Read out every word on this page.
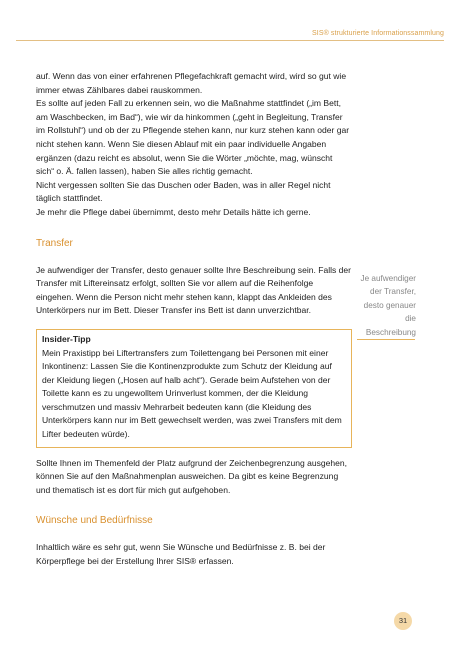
SIS® strukturierte Informationssammlung

auf. Wenn das von einer erfahrenen Pflegefachkraft gemacht wird, wird so gut wie immer etwas Zählbares dabei rauskommen.

Es sollte auf jeden Fall zu erkennen sein, wo die Maßnahme stattfindet („im Bett, am Waschbecken, im Bad“), wie wir da hinkommen („geht in Begleitung, Transfer im Rollstuhl“) und ob der zu Pflegende stehen kann, nur kurz stehen kann oder gar nicht stehen kann. Wenn Sie diesen Ablauf mit ein paar individuelle Angaben ergänzen (dazu reicht es absolut, wenn Sie die Wörter „möchte, mag, wünscht sich“ o. Ä. fallen lassen), haben Sie alles richtig gemacht.

Nicht vergessen sollten Sie das Duschen oder Baden, was in aller Regel nicht täglich stattfindet.

Je mehr die Pflege dabei übernimmt, desto mehr Details hätte ich gerne.

Transfer

Je aufwendiger der Transfer, desto genauer sollte Ihre Beschreibung sein. Falls der Transfer mit Liftereinsatz erfolgt, sollten Sie vor allem auf die Reihenfolge eingehen. Wenn die Person nicht mehr stehen kann, klappt das Ankleiden des Unterkörpers nur im Bett. Dieser Transfer ins Bett ist dann unverzichtbar.

Insider-Tipp

Mein Praxistipp bei Liftertransfers zum Toilettengang bei Personen mit einer Inkontinenz: Lassen Sie die Kontinenzprodukte zum Schutz der Kleidung auf der Kleidung liegen („Hosen auf halb acht“). Gerade beim Aufstehen von der Toilette kann es zu ungewolltem Urinverlust kommen, der die Kleidung verschmutzen und massiv Mehrarbeit bedeuten kann (die Kleidung des Unterkörpers kann nur im Bett gewechselt werden, was zwei Transfers mit dem Lifter bedeuten würde).

Sollte Ihnen im Themenfeld der Platz aufgrund der Zeichenbegrenzung ausgehen, können Sie auf den Maßnahmenplan ausweichen. Da gibt es keine Begrenzung und thematisch ist es dort für mich gut aufgehoben.

Wünsche und Bedürfnisse

Inhaltlich wäre es sehr gut, wenn Sie Wünsche und Bedürfnisse z. B. bei der Körperpflege bei der Erstellung Ihrer SIS® erfassen.

Je aufwendiger der Transfer, desto genauer die Beschreibung
31
